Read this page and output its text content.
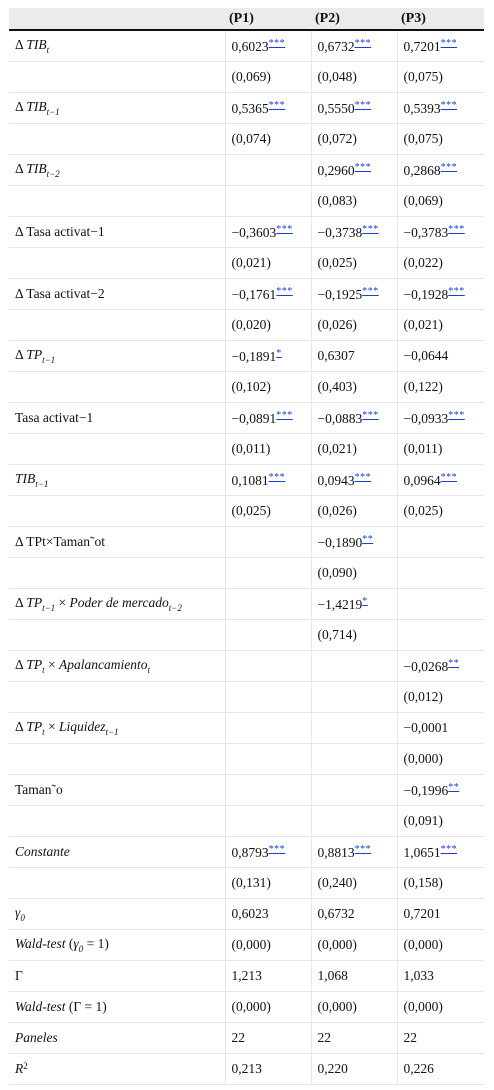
	(P1)	(P2)	(P3)
Δ $TIB_t$	0,6023***	0,6732***	0,7201***
	(0,069)	(0,048)	(0,075)
Δ $TIB_{t-1}$	0,5365***	0,5550***	0,5393***
	(0,074)	(0,072)	(0,075)
Δ $TIB_{t-2}$		0,2960***	0,2868***
		(0,083)	(0,069)
Δ Tasa activat−1	−0,3603***	−0,3738***	−0,3783***
	(0,021)	(0,025)	(0,022)
Δ Tasa activat−2	−0,1761***	−0,1925***	−0,1928***
	(0,020)	(0,026)	(0,021)
Δ $TP_{t-1}$	−0,1891*	0,6307	−0,0644
	(0,102)	(0,403)	(0,122)
Tasa activat−1	−0,0891***	−0,0883***	−0,0933***
	(0,011)	(0,021)	(0,011)
$TIB_{t-1}$	0,1081***	0,0943***	0,0964***
	(0,025)	(0,026)	(0,025)
Δ TPt×Taman˜ot		−0,1890**	
		(0,090)	
Δ $TP_{t-1}$ × Poder de mercado$_{t-2}$		−1,4219*	
		(0,714)	
Δ $TP_t$ × Apalancamiento$_t$			−0,0268**
			(0,012)
Δ $TP_t$ × Liquidez$_{t-1}$			−0,0001
			(0,000)
Taman˜o			−0,1996**
			(0,091)
Constante	0,8793***	0,8813***	1,0651***
	(0,131)	(0,240)	(0,158)
$\gamma_0$	0,6023	0,6732	0,7201
Wald-test $(\gamma_0 = 1)$	(0,000)	(0,000)	(0,000)
Γ	1,213	1,068	1,033
Wald-test (Γ = 1)	(0,000)	(0,000)	(0,000)
Paneles	22	22	22
$R^2$	0,213	0,220	0,226
